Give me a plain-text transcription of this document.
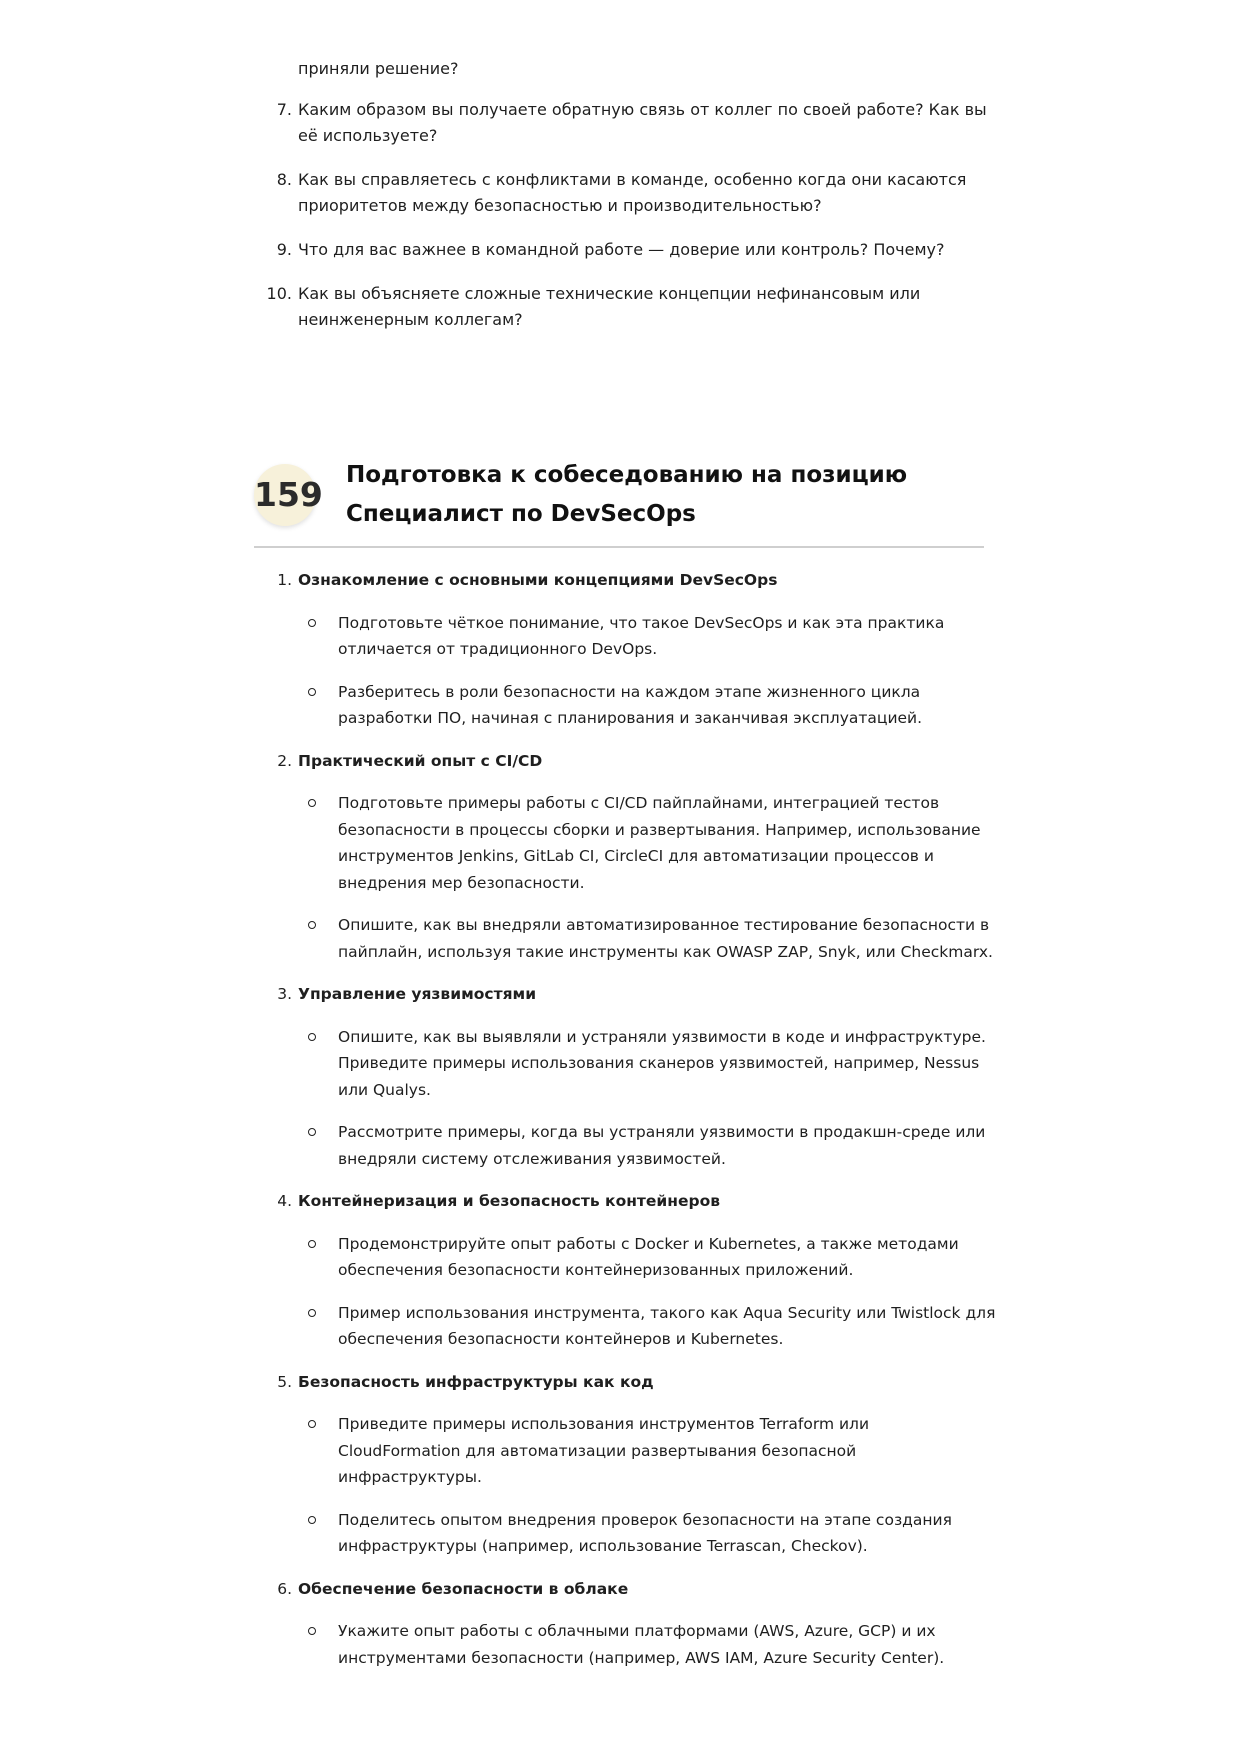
приняли решение?
7. Каким образом вы получаете обратную связь от коллег по своей работе? Как вы её используете?
8. Как вы справляетесь с конфликтами в команде, особенно когда они касаются приоритетов между безопасностью и производительностью?
9. Что для вас важнее в командной работе — доверие или контроль? Почему?
10. Как вы объясняете сложные технические концепции нефинансовым или неинженерным коллегам?
159 Подготовка к собеседованию на позицию
Специалист по DevSecOps
1. Ознакомление с основными концепциями DevSecOps
Подготовьте чёткое понимание, что такое DevSecOps и как эта практика отличается от традиционного DevOps.
Разберитесь в роли безопасности на каждом этапе жизненного цикла разработки ПО, начиная с планирования и заканчивая эксплуатацией.
2. Практический опыт с CI/CD
Подготовьте примеры работы с CI/CD пайплайнами, интеграцией тестов безопасности в процессы сборки и развертывания. Например, использование инструментов Jenkins, GitLab CI, CircleCI для автоматизации процессов и внедрения мер безопасности.
Опишите, как вы внедряли автоматизированное тестирование безопасности в пайплайн, используя такие инструменты как OWASP ZAP, Snyk, или Checkmarx.
3. Управление уязвимостями
Опишите, как вы выявляли и устраняли уязвимости в коде и инфраструктуре. Приведите примеры использования сканеров уязвимостей, например, Nessus или Qualys.
Рассмотрите примеры, когда вы устраняли уязвимости в продакшн-среде или внедряли систему отслеживания уязвимостей.
4. Контейнеризация и безопасность контейнеров
Продемонстрируйте опыт работы с Docker и Kubernetes, а также методами обеспечения безопасности контейнеризованных приложений.
Пример использования инструмента, такого как Aqua Security или Twistlock для обеспечения безопасности контейнеров и Kubernetes.
5. Безопасность инфраструктуры как код
Приведите примеры использования инструментов Terraform или CloudFormation для автоматизации развертывания безопасной инфраструктуры.
Поделитесь опытом внедрения проверок безопасности на этапе создания инфраструктуры (например, использование Terrascan, Checkov).
6. Обеспечение безопасности в облаке
Укажите опыт работы с облачными платформами (AWS, Azure, GCP) и их инструментами безопасности (например, AWS IAM, Azure Security Center).
